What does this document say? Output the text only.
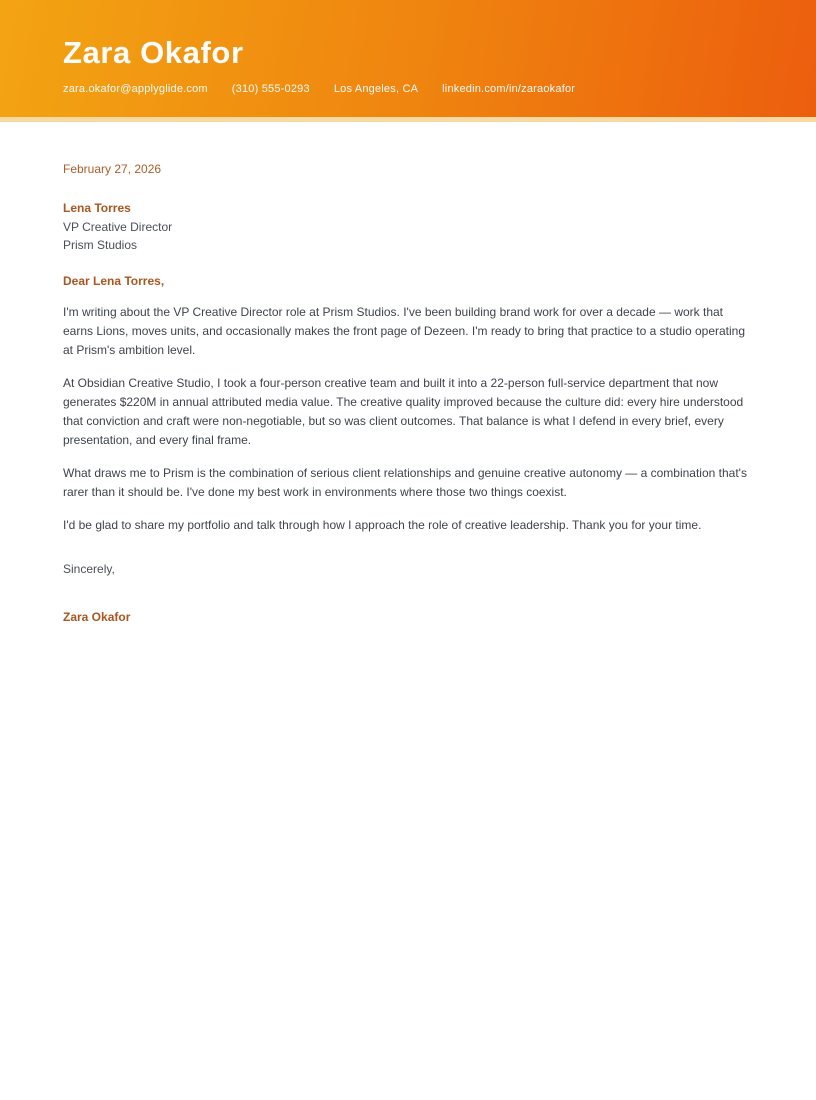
Zara Okafor
zara.okafor@applyglide.com (310) 555-0293 Los Angeles, CA linkedin.com/in/zaraokafor

February 27, 2026

Lena Torres

VP Creative Director

Prism Studios

Dear Lena Torres,

I'm writing about the VP Creative Director role at Prism Studios. I've been building brand work for over a decade — work that earns Lions, moves units, and occasionally makes the front page of Dezeen. I'm ready to bring that practice to a studio operating at Prism's ambition level.

At Obsidian Creative Studio, I took a four-person creative team and built it into a 22-person full-service department that now generates $220M in annual attributed media value. The creative quality improved because the culture did: every hire understood that conviction and craft were non-negotiable, but so was client outcomes. That balance is what I defend in every brief, every presentation, and every final frame.

What draws me to Prism is the combination of serious client relationships and genuine creative autonomy — a combination that's rarer than it should be. I've done my best work in environments where those two things coexist.

I'd be glad to share my portfolio and talk through how I approach the role of creative leadership. Thank you for your time.

Sincerely,

Zara Okafor
